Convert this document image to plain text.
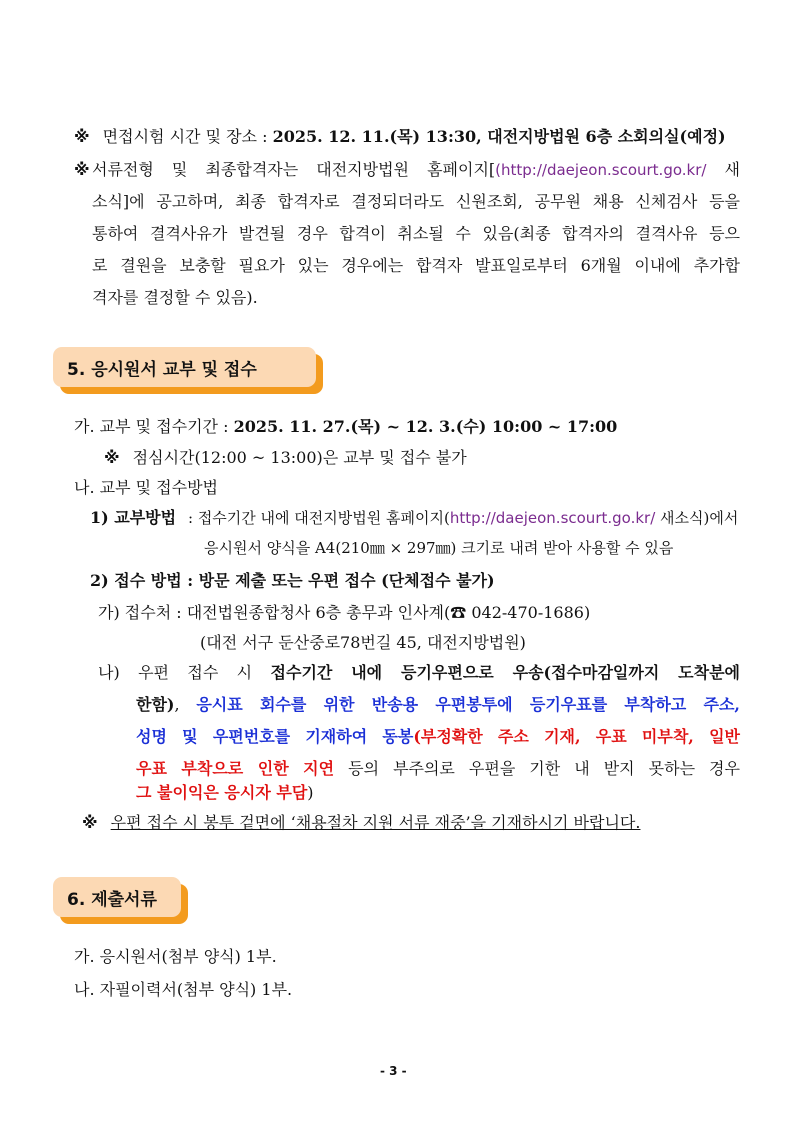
※ 면접시험 시간 및 장소 : 2025. 12. 11.(목) 13:30, 대전지방법원 6층 소회의실(예정)
※ 서류전형 및 최종합격자는 대전지방법원 홈페이지[(http://daejeon.scourt.go.kr/ 새
소식]에 공고하며, 최종 합격자로 결정되더라도 신원조회, 공무원 채용 신체검사 등을
통하여 결격사유가 발견될 경우 합격이 취소될 수 있음(최종 합격자의 결격사유 등으
로 결원을 보충할 필요가 있는 경우에는 합격자 발표일로부터 6개월 이내에 추가합
격자를 결정할 수 있음).
5. 응시원서 교부 및 접수
가. 교부 및 접수기간 : 2025. 11. 27.(목) ~ 12. 3.(수) 10:00 ~ 17:00
※ 점심시간(12:00 ~ 13:00)은 교부 및 접수 불가
나. 교부 및 접수방법
1) 교부방법 : 접수기간 내에 대전지방법원 홈페이지(http://daejeon.scourt.go.kr/ 새소식)에서
응시원서 양식을 A4(210㎜ × 297㎜) 크기로 내려 받아 사용할 수 있음
2) 접수 방법 : 방문 제출 또는 우편 접수 (단체접수 불가)
가) 접수처 : 대전법원종합청사 6층 총무과 인사계(☎ 042-470-1686)
(대전 서구 둔산중로78번길 45, 대전지방법원)
나) 우편 접수 시 접수기간 내에 등기우편으로 우송(접수마감일까지 도착분에
한함), 응시표 회수를 위한 반송용 우편봉투에 등기우표를 부착하고 주소,
성명 및 우편번호를 기재하여 동봉(부정확한 주소 기재, 우표 미부착, 일반
우표 부착으로 인한 지연 등의 부주의로 우편을 기한 내 받지 못하는 경우
그 불이익은 응시자 부담)
※ 우편 접수 시 봉투 겉면에 ‘채용절차 지원 서류 재중’을 기재하시기 바랍니다.
6. 제출서류
가. 응시원서(첨부 양식) 1부.
나. 자필이력서(첨부 양식) 1부.
- 3 -
